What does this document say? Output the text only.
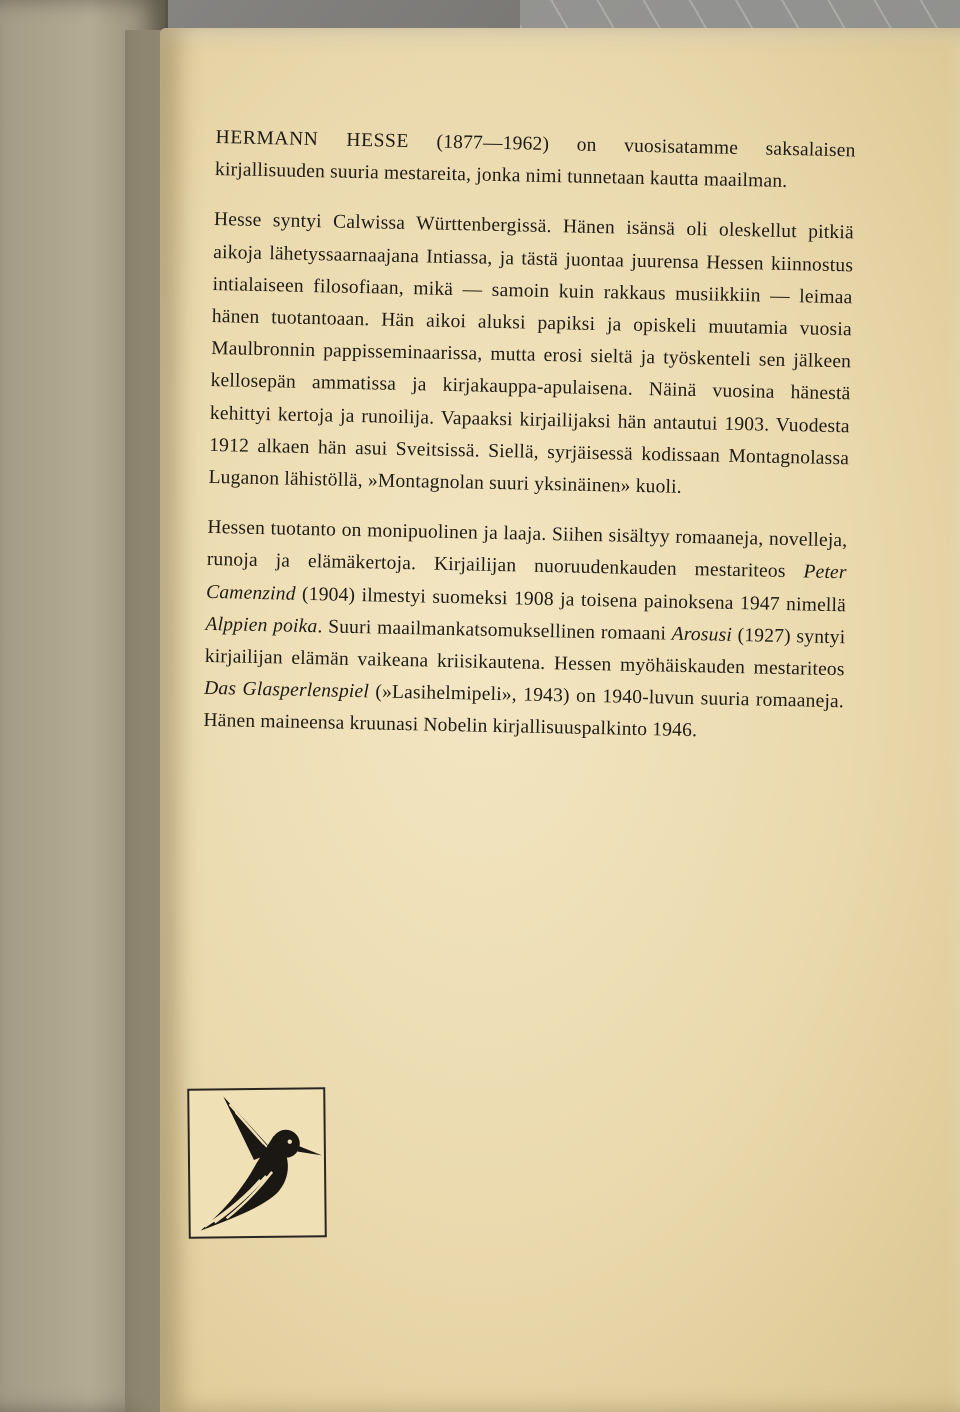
HERMANN HESSE (1877—1962) on vuosisatamme saksalaisen kirjallisuuden suuria mestareita, jonka nimi tunnetaan kautta maailman.

Hesse syntyi Calwissa Württenbergissä. Hänen isänsä oli oleskellut pitkiä aikoja lähetyssaarnaajana Intiassa, ja tästä juontaa juurensa Hessen kiinnostus intialaiseen filosofiaan, mikä — samoin kuin rakkaus musiikkiin — leimaa hänen tuotantoaan. Hän aikoi aluksi papiksi ja opiskeli muutamia vuosia Maulbronnin pappisseminaarissa, mutta erosi sieltä ja työskenteli sen jälkeen kellosepän ammatissa ja kirjakauppa-apulaisena. Näinä vuosina hänestä kehittyi kertoja ja runoilija. Vapaaksi kirjailijaksi hän antautui 1903. Vuodesta 1912 alkaen hän asui Sveitsissä. Siellä, syrjäisessä kodissaan Montagnolassa Luganon lähistöllä, »Montagnolan suuri yksinäinen» kuoli.

Hessen tuotanto on monipuolinen ja laaja. Siihen sisältyy romaaneja, novelleja, runoja ja elämäkertoja. Kirjailijan nuoruudenkauden mestariteos Peter Camenzind (1904) ilmestyi suomeksi 1908 ja toisena painoksena 1947 nimellä Alppien poika. Suuri maailmankatsomuksellinen romaani Arosusi (1927) syntyi kirjailijan elämän vaikeana kriisikautena. Hessen myöhäiskauden mestariteos Das Glasperlenspiel (»Lasihelmipeli», 1943) on 1940-luvun suuria romaaneja. Hänen maineensa kruunasi Nobelin kirjallisuuspalkinto 1946.
